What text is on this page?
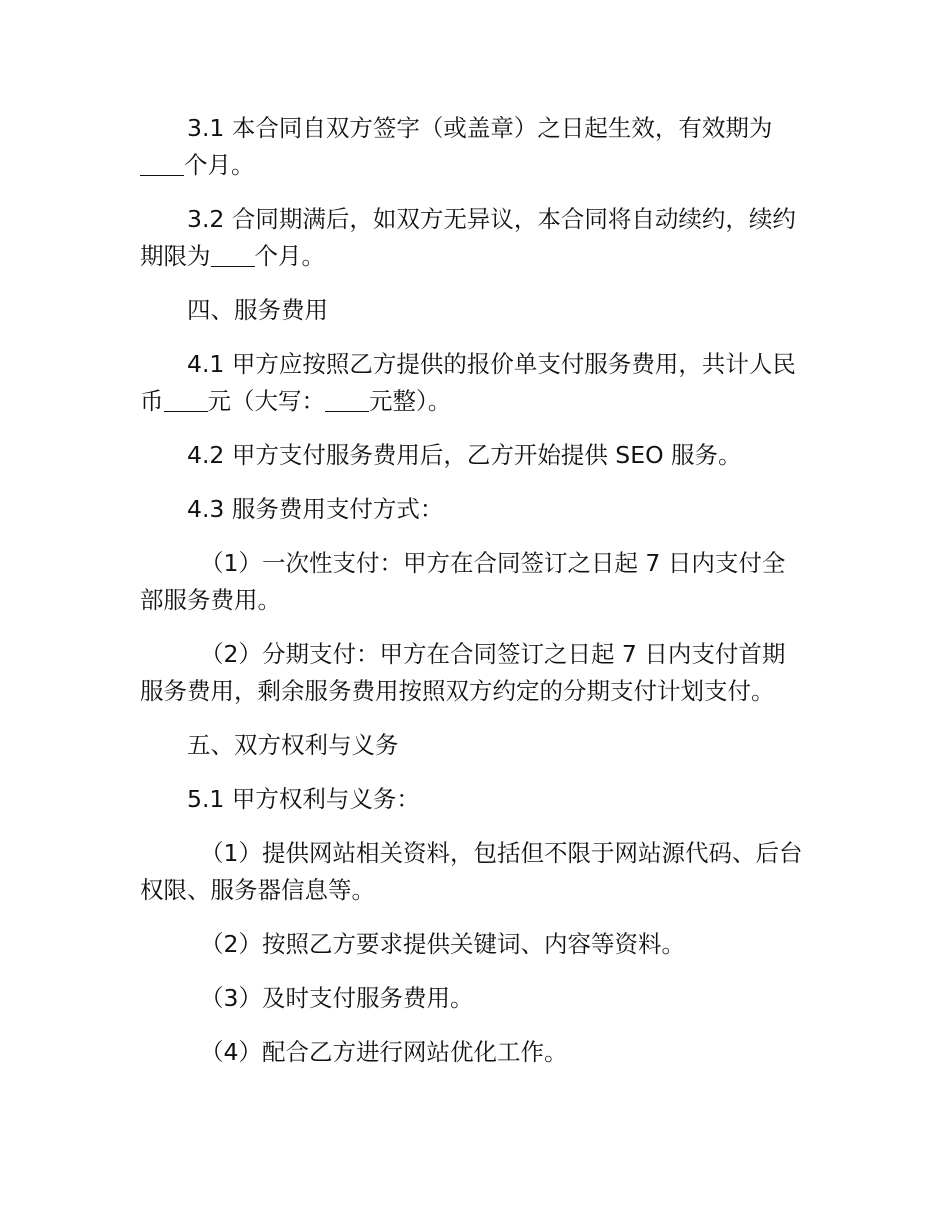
3.1 本合同自双方签字（或盖章）之日起生效，有效期为个月。

3.2 合同期满后，如双方无异议，本合同将自动续约，续约期限为 个月。

四、服务费用

4.1 甲方应按照乙方提供的报价单支付服务费用，共计人民币 元（大写： 元整）。

4.2 甲方支付服务费用后，乙方开始提供 SEO 服务。

4.3 服务费用支付方式：

（1）一次性支付：甲方在合同签订之日起 7 日内支付全部服务费用。

（2）分期支付：甲方在合同签订之日起 7 日内支付首期服务费用，剩余服务费用按照双方约定的分期支付计划支付。

五、双方权利与义务

5.1 甲方权利与义务：

（1）提供网站相关资料，包括但不限于网站源代码、后台权限、服务器信息等。

（2）按照乙方要求提供关键词、内容等资料。

（3）及时支付服务费用。

（4）配合乙方进行网站优化工作。
